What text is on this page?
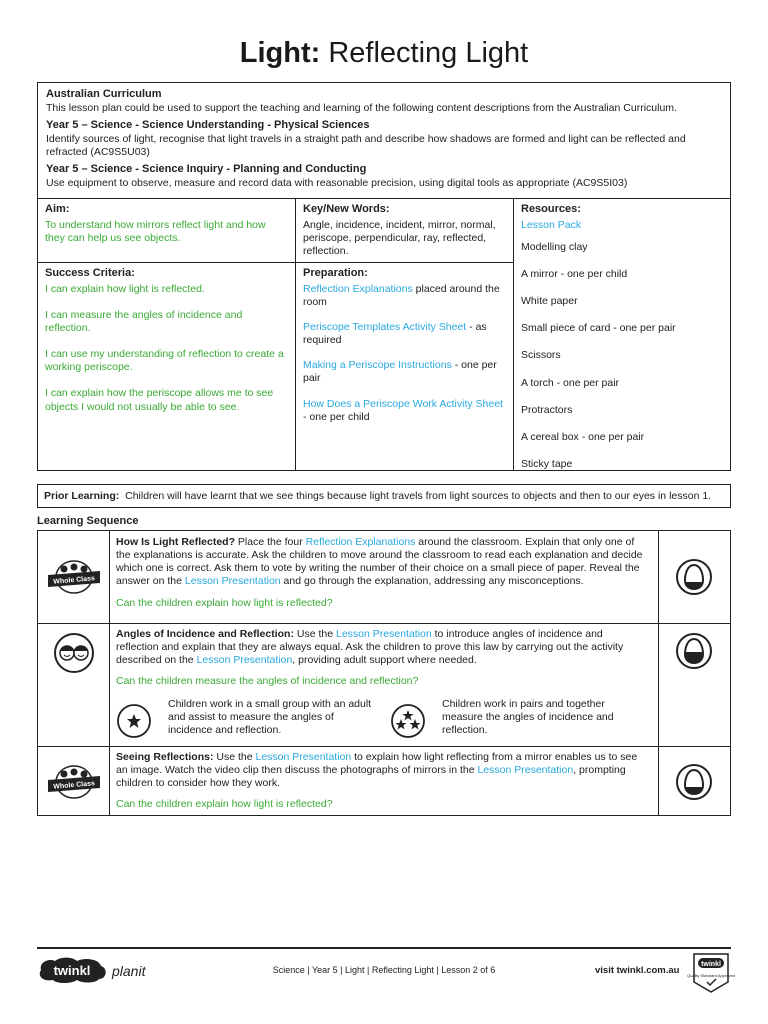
Light: Reflecting Light
Australian Curriculum

This lesson plan could be used to support the teaching and learning of the following content descriptions from the Australian Curriculum.

Year 5 – Science - Science Understanding - Physical Sciences

Identify sources of light, recognise that light travels in a straight path and describe how shadows are formed and light can be reflected and refracted (AC9S5U03)

Year 5 – Science - Science Inquiry - Planning and Conducting

Use equipment to observe, measure and record data with reasonable precision, using digital tools as appropriate (AC9S5I03)

Aim:

To understand how mirrors reflect light and how they can help us see objects.

Key/New Words:

Angle, incidence, incident, mirror, normal, periscope, perpendicular, ray, reflected, reflection.

Success Criteria:

I can explain how light is reflected.

I can measure the angles of incidence and reflection.

I can use my understanding of reflection to create a working periscope.

I can explain how the periscope allows me to see objects I would not usually be able to see.

Preparation:

Reflection Explanations placed around the room

Periscope Templates Activity Sheet - as required

Making a Periscope Instructions - one per pair

How Does a Periscope Work Activity Sheet - one per child

Resources:

Lesson Pack

Modelling clay

A mirror - one per child

White paper

Small piece of card - one per pair

Scissors

A torch - one per pair

Protractors

A cereal box - one per pair

Sticky tape

Prior Learning: Children will have learnt that we see things because light travels from light sources to objects and then to our eyes in lesson 1.
Learning Sequence
Whole Class

How Is Light Reflected? Place the four Reflection Explanations around the classroom. Explain that only one of the explanations is accurate. Ask the children to move around the classroom to read each explanation and decide which one is correct. Ask them to vote by writing the number of their choice on a small piece of paper. Reveal the answer on the Lesson Presentation and go through the explanation, addressing any misconceptions.

Can the children explain how light is reflected?

Angles of Incidence and Reflection: Use the Lesson Presentation to introduce angles of incidence and reflection and explain that they are always equal. Ask the children to prove this law by carrying out the activity described on the Lesson Presentation, providing adult support where needed.

Can the children measure the angles of incidence and reflection?

Children work in a small group with an adult and assist to measure the angles of incidence and reflection.

Children work in pairs and together measure the angles of incidence and reflection.

Whole Class

Seeing Reflections: Use the Lesson Presentation to explain how light reflecting from a mirror enables us to see an image. Watch the video clip then discuss the photographs of mirrors in the Lesson Presentation, prompting children to consider how they work.

Can the children explain how light is reflected?

twinkl planit	Science | Year 5 | Light | Reflecting Light | Lesson 2 of 6	visit twinkl.com.au
twinkl
Quality Standard Approved
